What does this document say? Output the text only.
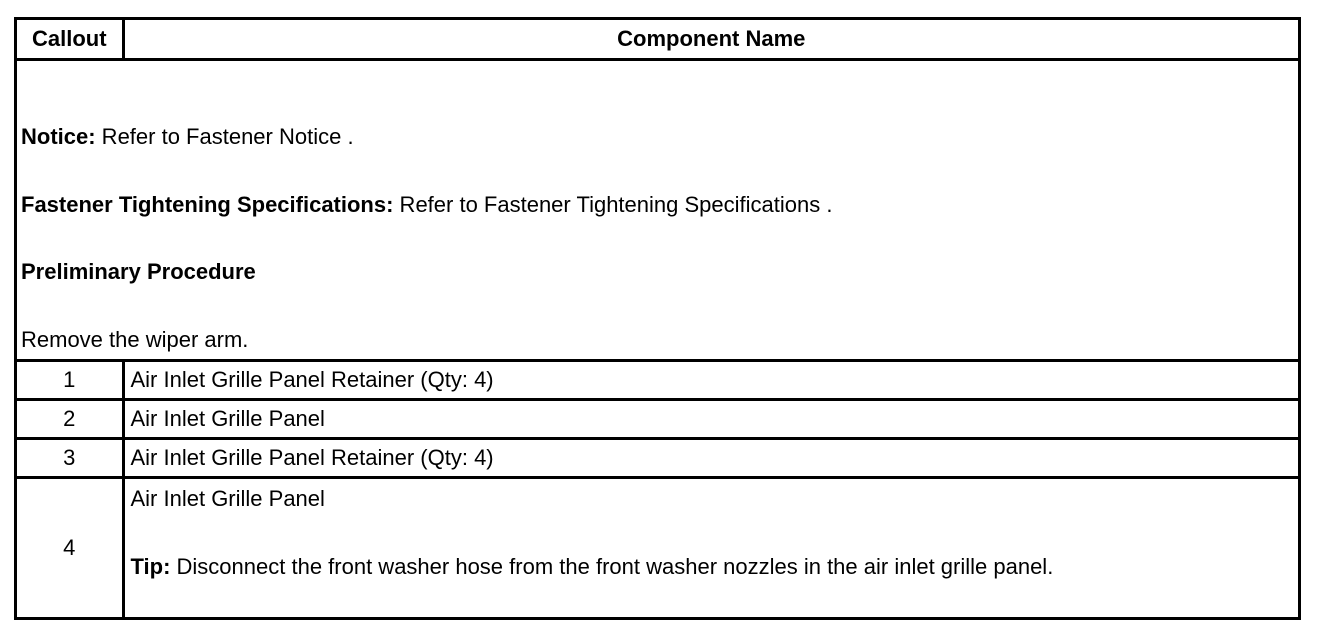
Callout	Component Name

Notice: Refer to Fastener Notice .

Fastener Tightening Specifications: Refer to Fastener Tightening Specifications .

Preliminary Procedure

Remove the wiper arm.	

1	Air Inlet Grille Panel Retainer (Qty: 4)
2	Air Inlet Grille Panel
3	Air Inlet Grille Panel Retainer (Qty: 4)
4	Air Inlet Grille Panel
Tip: Disconnect the front washer hose from the front washer nozzles in the air inlet grille panel.
